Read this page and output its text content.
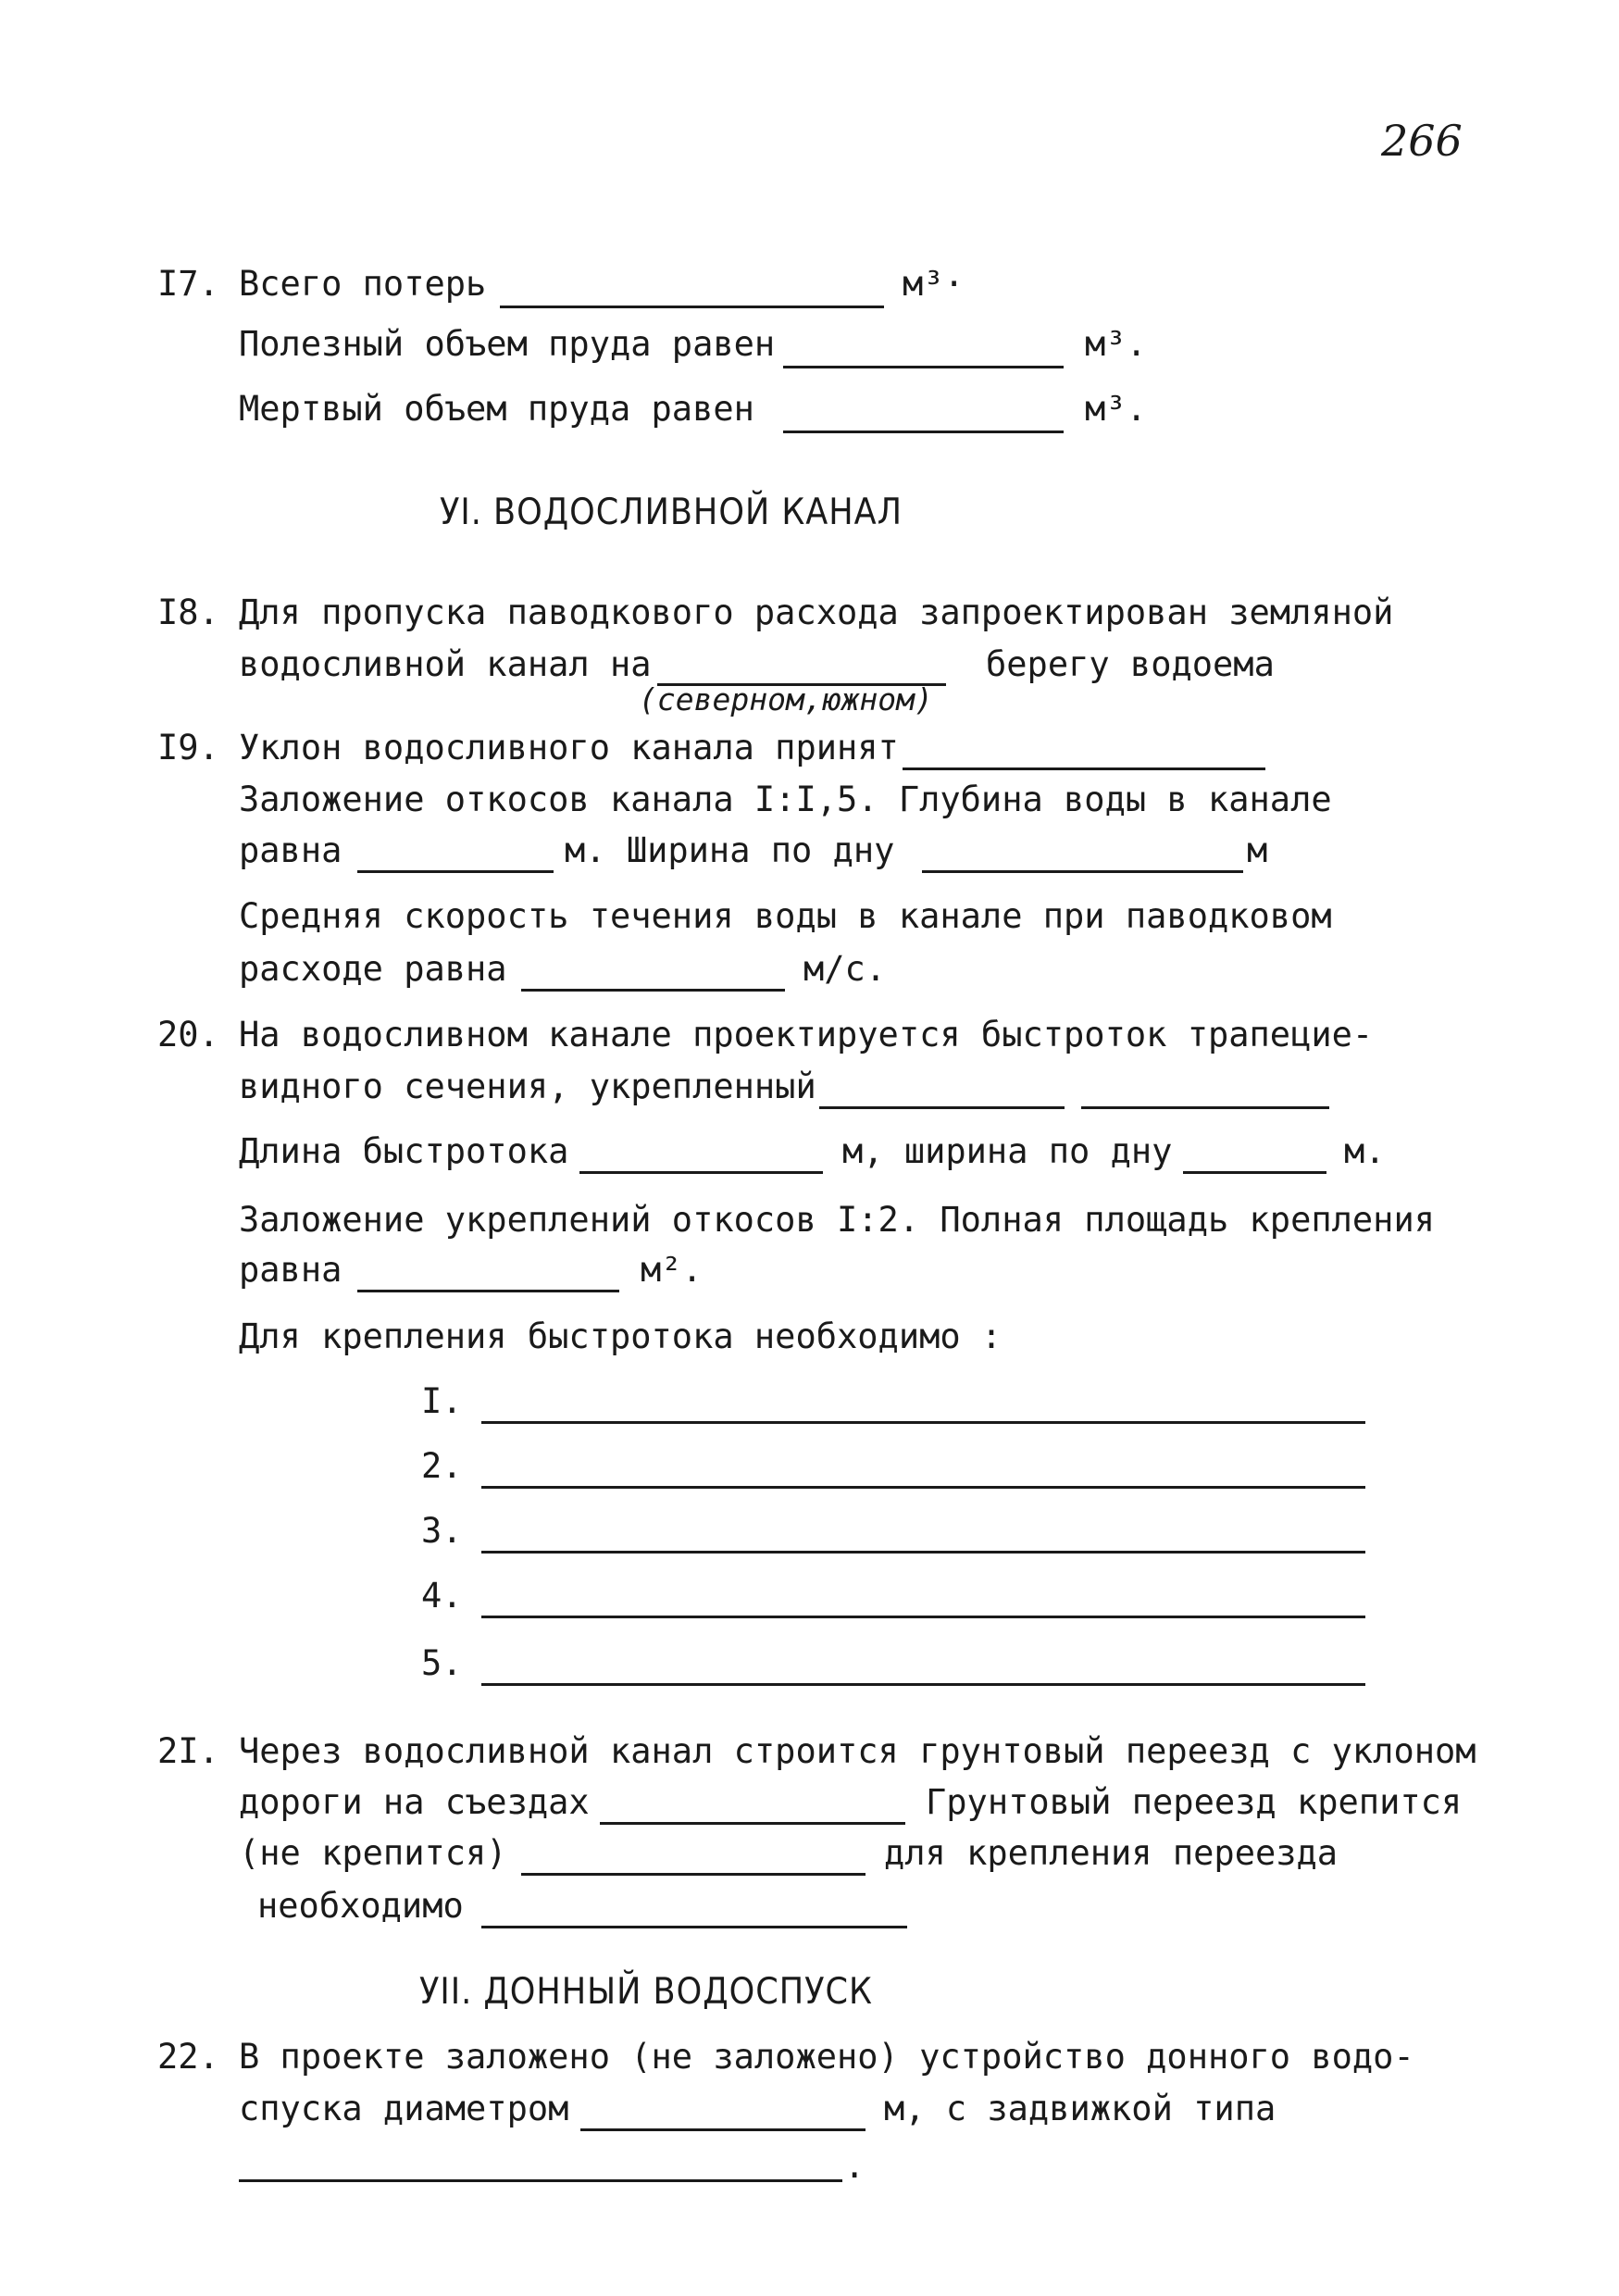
266
I7. Всего потерь	м³·
Полезный объем пруда равен	м³.
Мертвый объем пруда равен	м³.
УI. ВОДОСЛИВНОЙ КАНАЛ
I8. Для пропуска паводкового расхода запроектирован земляной
водосливной канал на	берегу водоема
(северном,южном)
I9. Уклон водосливного канала принят
Заложение откосов канала I:I,5. Глубина воды в канале
равна	м. Ширина по дну	м
Средняя скорость течения воды в канале при паводковом
расходе равна	м/с.
20. На водосливном канале проектируется быстроток трапецие-
видного сечения, укрепленный
Длина быстротока	м, ширина по дну	м.
Заложение укреплений откосов I:2. Полная площадь крепления
равна	м².
Для крепления быстротока необходимо :
I.
2.
3.
4.
5.
2I. Через водосливной канал строится грунтовый переезд с уклоном
дороги на съездах	Грунтовый переезд крепится
(не крепится)	для крепления переезда
необходимо
УII. ДОННЫЙ ВОДОСПУСК
22. В проекте заложено (не заложено) устройство донного водо-
спуска диаметром	м, с задвижкой типа
.
